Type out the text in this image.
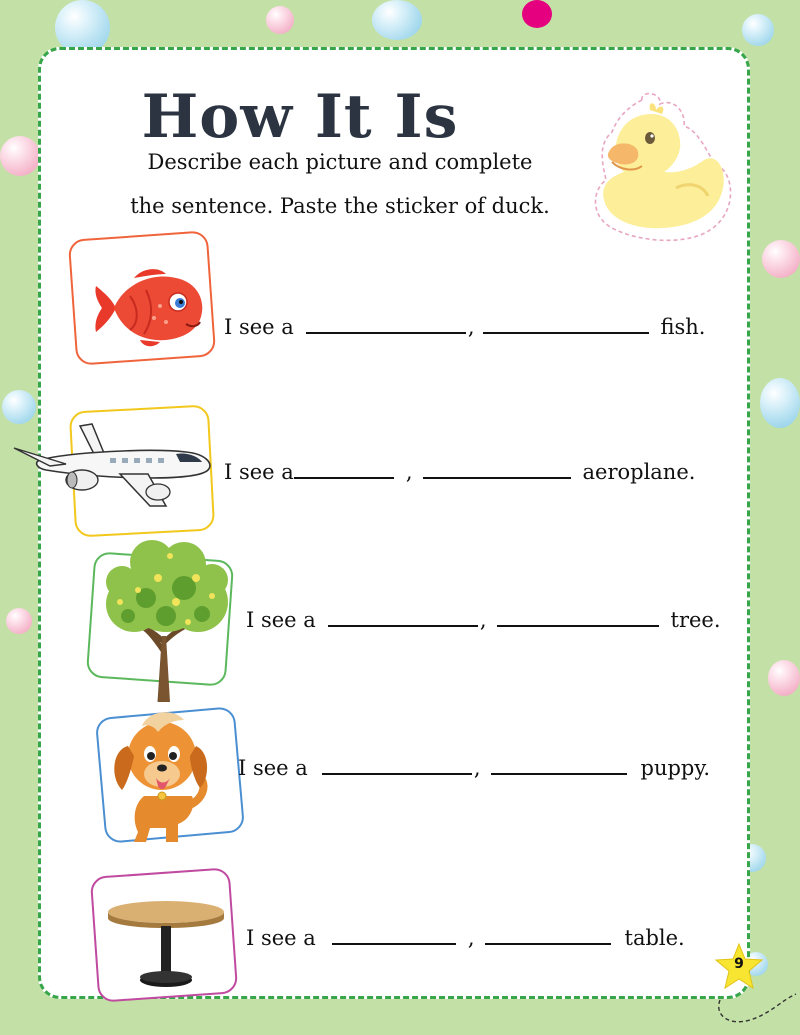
How It Is
Describe each picture and complete
the sentence. Paste the sticker of duck.
I see a	,	fish.
I see a	,	aeroplane.
I see a	,	tree.
I see a	,	puppy.
I see a	,	table.
9
